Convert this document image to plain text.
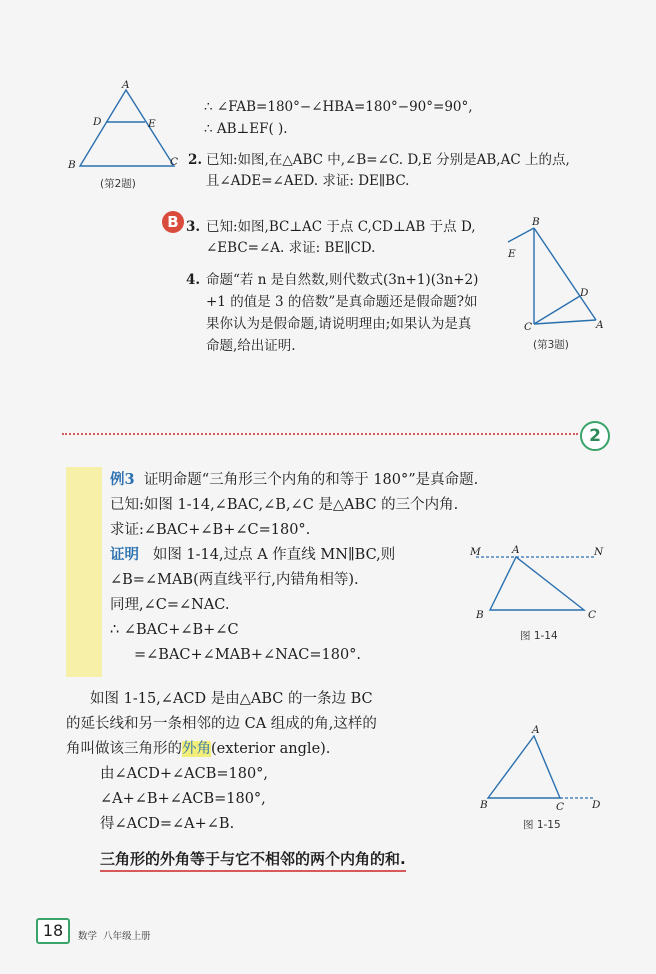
A
D	E
B	C
(第2题)
∴ ∠FAB=180°−∠HBA=180°−90°=90°,
∴ AB⊥EF( ).
2. 已知:如图,在△ABC 中,∠B=∠C. D,E 分别是AB,AC 上的点,
且∠ADE=∠AED. 求证: DE∥BC.
B 3. 已知:如图,BC⊥AC 于点 C,CD⊥AB 于点 D,
∠EBC=∠A. 求证: BE∥CD.
4. 命题“若 n 是自然数,则代数式(3n+1)(3n+2)
+1 的值是 3 的倍数”是真命题还是假命题?如
果你认为是假命题,请说明理由;如果认为是真
命题,给出证明.
B
E
D
C	A
(第3题)
2
例3 证明命题“三角形三个内角的和等于 180°”是真命题.
已知:如图 1-14,∠BAC,∠B,∠C 是△ABC 的三个内角.
求证:∠BAC+∠B+∠C=180°.
证明 如图 1-14,过点 A 作直线 MN∥BC,则
∠B=∠MAB(两直线平行,内错角相等).
同理,∠C=∠NAC.
∴ ∠BAC+∠B+∠C
=∠BAC+∠MAB+∠NAC=180°.
M	A	N
B	C
图 1-14
如图 1-15,∠ACD 是由△ABC 的一条边 BC
的延长线和另一条相邻的边 CA 组成的角,这样的
角叫做该三角形的外角(exterior angle).
由∠ACD+∠ACB=180°,
∠A+∠B+∠ACB=180°,
得∠ACD=∠A+∠B.
A
B	C	D
图 1-15
三角形的外角等于与它不相邻的两个内角的和.
18	数学 八年级上册
